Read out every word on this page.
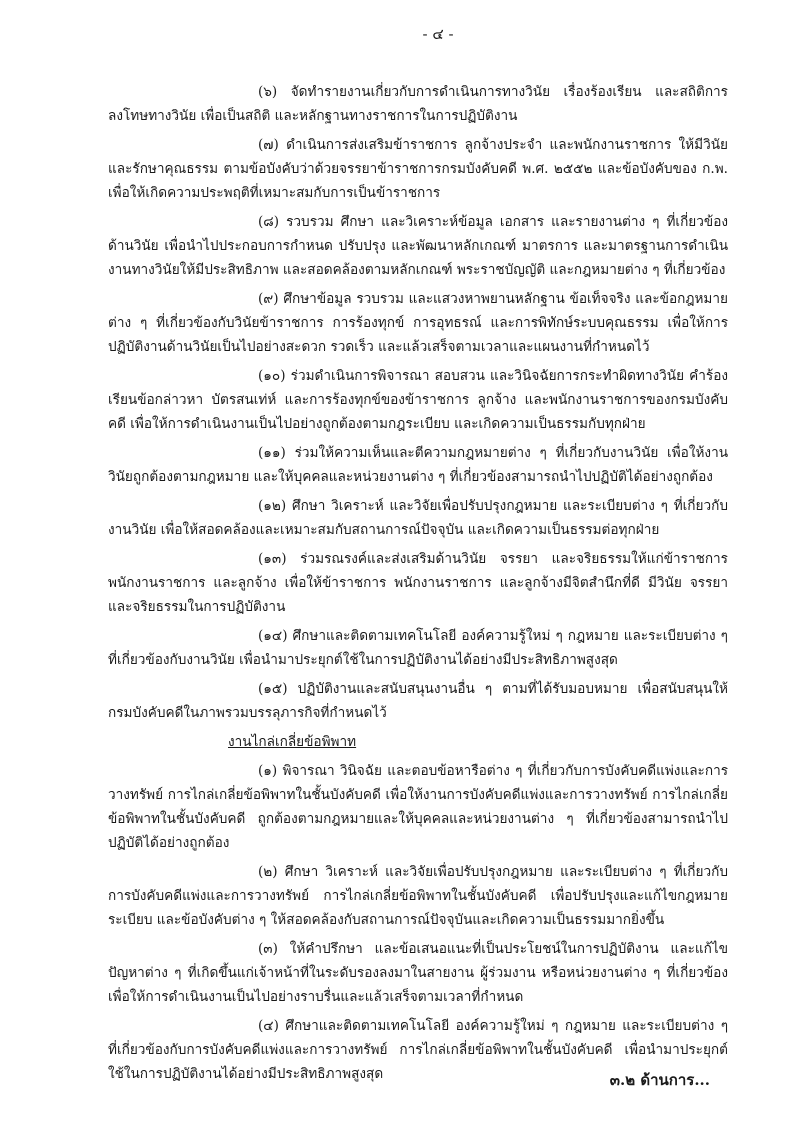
- ๔ -

(๖) จัดทำรายงานเกี่ยวกับการดำเนินการทางวินัย เรื่องร้องเรียน และสถิติการลงโทษทางวินัย เพื่อเป็นสถิติ และหลักฐานทางราชการในการปฏิบัติงาน

(๗) ดำเนินการส่งเสริมข้าราชการ ลูกจ้างประจำ และพนักงานราชการ ให้มีวินัยและรักษาคุณธรรม ตามข้อบังคับว่าด้วยจรรยาข้าราชการกรมบังคับคดี พ.ศ. ๒๕๕๒ และข้อบังคับของ ก.พ. เพื่อให้เกิดความประพฤติที่เหมาะสมกับการเป็นข้าราชการ

(๘) รวบรวม ศึกษา และวิเคราะห์ข้อมูล เอกสาร และรายงานต่าง ๆ ที่เกี่ยวข้องด้านวินัย เพื่อนำไปประกอบการกำหนด ปรับปรุง และพัฒนาหลักเกณฑ์ มาตรการ และมาตรฐานการดำเนินงานทางวินัยให้มีประสิทธิภาพ และสอดคล้องตามหลักเกณฑ์ พระราชบัญญัติ และกฎหมายต่าง ๆ ที่เกี่ยวข้อง

(๙) ศึกษาข้อมูล รวบรวม และแสวงหาพยานหลักฐาน ข้อเท็จจริง และข้อกฎหมายต่าง ๆ ที่เกี่ยวข้องกับวินัยข้าราชการ การร้องทุกข์ การอุทธรณ์ และการพิทักษ์ระบบคุณธรรม เพื่อให้การปฏิบัติงานด้านวินัยเป็นไปอย่างสะดวก รวดเร็ว และแล้วเสร็จตามเวลาและแผนงานที่กำหนดไว้

(๑๐) ร่วมดำเนินการพิจารณา สอบสวน และวินิจฉัยการกระทำผิดทางวินัย คำร้องเรียนข้อกล่าวหา บัตรสนเท่ห์ และการร้องทุกข์ของข้าราชการ ลูกจ้าง และพนักงานราชการของกรมบังคับคดี เพื่อให้การดำเนินงานเป็นไปอย่างถูกต้องตามกฎระเบียบ และเกิดความเป็นธรรมกับทุกฝ่าย

(๑๑) ร่วมให้ความเห็นและตีความกฎหมายต่าง ๆ ที่เกี่ยวกับงานวินัย เพื่อให้งานวินัยถูกต้องตามกฎหมาย และให้บุคคลและหน่วยงานต่าง ๆ ที่เกี่ยวข้องสามารถนำไปปฏิบัติได้อย่างถูกต้อง

(๑๒) ศึกษา วิเคราะห์ และวิจัยเพื่อปรับปรุงกฎหมาย และระเบียบต่าง ๆ ที่เกี่ยวกับงานวินัย เพื่อให้สอดคล้องและเหมาะสมกับสถานการณ์ปัจจุบัน และเกิดความเป็นธรรมต่อทุกฝ่าย

(๑๓) ร่วมรณรงค์และส่งเสริมด้านวินัย จรรยา และจริยธรรมให้แก่ข้าราชการ พนักงานราชการ และลูกจ้าง เพื่อให้ข้าราชการ พนักงานราชการ และลูกจ้างมีจิตสำนึกที่ดี มีวินัย จรรยา และจริยธรรมในการปฏิบัติงาน

(๑๔) ศึกษาและติดตามเทคโนโลยี องค์ความรู้ใหม่ ๆ กฎหมาย และระเบียบต่าง ๆ ที่เกี่ยวข้องกับงานวินัย เพื่อนำมาประยุกต์ใช้ในการปฏิบัติงานได้อย่างมีประสิทธิภาพสูงสุด

(๑๕) ปฏิบัติงานและสนับสนุนงานอื่น ๆ ตามที่ได้รับมอบหมาย เพื่อสนับสนุนให้กรมบังคับคดีในภาพรวมบรรลุภารกิจที่กำหนดไว้

งานไกล่เกลี่ยข้อพิพาท

(๑) พิจารณา วินิจฉัย และตอบข้อหารือต่าง ๆ ที่เกี่ยวกับการบังคับคดีแพ่งและการวางทรัพย์ การไกล่เกลี่ยข้อพิพาทในชั้นบังคับคดี เพื่อให้งานการบังคับคดีแพ่งและการวางทรัพย์ การไกล่เกลี่ยข้อพิพาทในชั้นบังคับคดี ถูกต้องตามกฎหมายและให้บุคคลและหน่วยงานต่าง ๆ ที่เกี่ยวข้องสามารถนำไปปฏิบัติได้อย่างถูกต้อง

(๒) ศึกษา วิเคราะห์ และวิจัยเพื่อปรับปรุงกฎหมาย และระเบียบต่าง ๆ ที่เกี่ยวกับการบังคับคดีแพ่งและการวางทรัพย์ การไกล่เกลี่ยข้อพิพาทในชั้นบังคับคดี เพื่อปรับปรุงและแก้ไขกฎหมาย ระเบียบ และข้อบังคับต่าง ๆ ให้สอดคล้องกับสถานการณ์ปัจจุบันและเกิดความเป็นธรรมมากยิ่งขึ้น

(๓) ให้คำปรึกษา และข้อเสนอแนะที่เป็นประโยชน์ในการปฏิบัติงาน และแก้ไขปัญหาต่าง ๆ ที่เกิดขึ้นแก่เจ้าหน้าที่ในระดับรองลงมาในสายงาน ผู้ร่วมงาน หรือหน่วยงานต่าง ๆ ที่เกี่ยวข้อง เพื่อให้การดำเนินงานเป็นไปอย่างราบรื่นและแล้วเสร็จตามเวลาที่กำหนด

(๔) ศึกษาและติดตามเทคโนโลยี องค์ความรู้ใหม่ ๆ กฎหมาย และระเบียบต่าง ๆ ที่เกี่ยวข้องกับการบังคับคดีแพ่งและการวางทรัพย์ การไกล่เกลี่ยข้อพิพาทในชั้นบังคับคดี เพื่อนำมาประยุกต์ใช้ในการปฏิบัติงานได้อย่างมีประสิทธิภาพสูงสุด	๓.๒ ด้านการ...
